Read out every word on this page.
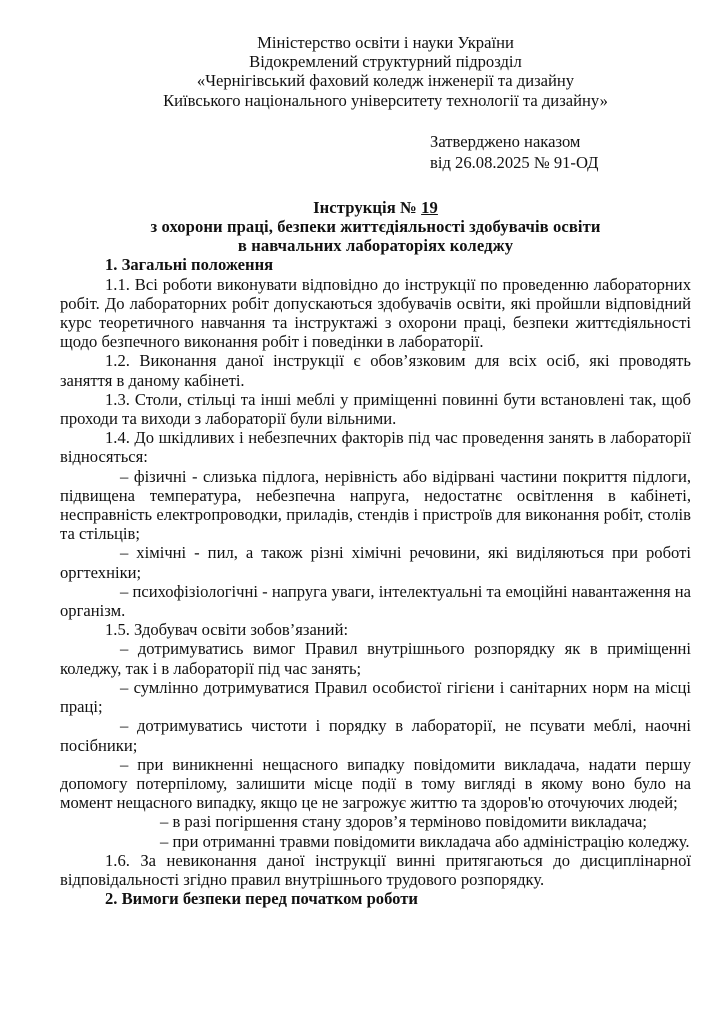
Міністерство освіти і науки України
Відокремлений структурний підрозділ
«Чернігівський фаховий коледж інженерії та дизайну
Київського національного університету технології та дизайну»
Затверджено наказом
від 26.08.2025 № 91-ОД
Інструкція № 19
з охорони праці, безпеки життєдіяльності здобувачів освіти
в навчальних лабораторіях коледжу
1. Загальні положення

1.1. Всі роботи виконувати відповідно до інструкції по проведенню лабораторних робіт. До лабораторних робіт допускаються здобувачів освіти, які пройшли відповідний курс теоретичного навчання та інструктажі з охорони праці, безпеки життєдіяльності щодо безпечного виконання робіт і поведінки в лабораторії.

1.2. Виконання даної інструкції є обов’язковим для всіх осіб, які проводять заняття в даному кабінеті.

1.3. Столи, стільці та інші меблі у приміщенні повинні бути встановлені так, щоб проходи та виходи з лабораторії були вільними.

1.4. До шкідливих і небезпечних факторів під час проведення занять в лабораторії відносяться:

– фізичні - слизька підлога, нерівність або відірвані частини покриття підлоги, підвищена температура, небезпечна напруга, недостатнє освітлення в кабінеті, несправність електропроводки, приладів, стендів і пристроїв для виконання робіт, столів та стільців;

– хімічні - пил, а також різні хімічні речовини, які виділяються при роботі оргтехніки;

– психофізіологічні - напруга уваги, інтелектуальні та емоційні навантаження на організм.

1.5. Здобувач освіти зобов’язаний:

– дотримуватись вимог Правил внутрішнього розпорядку як в приміщенні коледжу, так і в лабораторії під час занять;

– сумлінно дотримуватися Правил особистої гігієни і санітарних норм на місці праці;

– дотримуватись чистоти і порядку в лабораторії, не псувати меблі, наочні посібники;

– при виникненні нещасного випадку повідомити викладача, надати першу допомогу потерпілому, залишити місце події в тому вигляді в якому воно було на момент нещасного випадку, якщо це не загрожує життю та здоров'ю оточуючих людей;

– в разі погіршення стану здоров’я терміново повідомити викладача;

– при отриманні травми повідомити викладача або адміністрацію коледжу.

1.6. За невиконання даної інструкції винні притягаються до дисциплінарної відповідальності згідно правил внутрішнього трудового розпорядку.

2. Вимоги безпеки перед початком роботи
